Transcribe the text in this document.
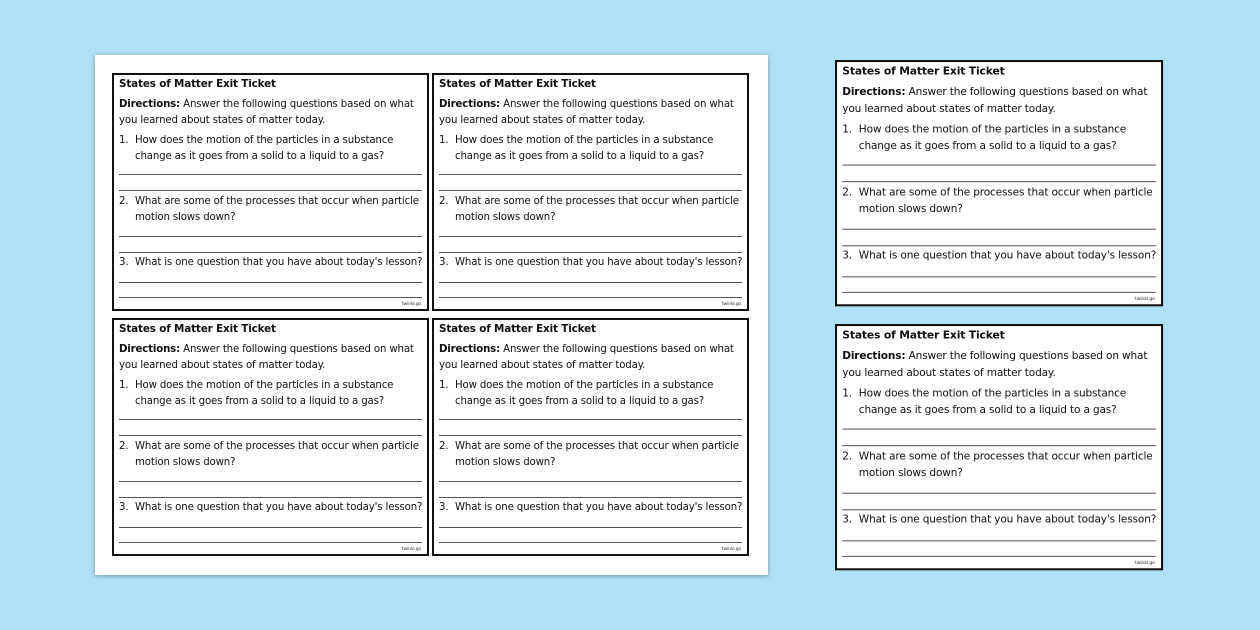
States of Matter Exit Ticket
Directions: Answer the following questions based on what you learned about states of matter today.
1. How does the motion of the particles in a substance change as it goes from a solid to a liquid to a gas?
2. What are some of the processes that occur when particle motion slows down?
3. What is one question that you have about today's lesson?
twinkl.go
States of Matter Exit Ticket
Directions: Answer the following questions based on what you learned about states of matter today.
1. How does the motion of the particles in a substance change as it goes from a solid to a liquid to a gas?
2. What are some of the processes that occur when particle motion slows down?
3. What is one question that you have about today's lesson?
twinkl.go
States of Matter Exit Ticket
Directions: Answer the following questions based on what you learned about states of matter today.
1. How does the motion of the particles in a substance change as it goes from a solid to a liquid to a gas?
2. What are some of the processes that occur when particle motion slows down?
3. What is one question that you have about today's lesson?
twinkl.go
States of Matter Exit Ticket
Directions: Answer the following questions based on what you learned about states of matter today.
1. How does the motion of the particles in a substance change as it goes from a solid to a liquid to a gas?
2. What are some of the processes that occur when particle motion slows down?
3. What is one question that you have about today's lesson?
twinkl.go
States of Matter Exit Ticket
Directions: Answer the following questions based on what you learned about states of matter today.
1. How does the motion of the particles in a substance change as it goes from a solid to a liquid to a gas?
2. What are some of the processes that occur when particle motion slows down?
3. What is one question that you have about today's lesson?
twinkl.go
States of Matter Exit Ticket
Directions: Answer the following questions based on what you learned about states of matter today.
1. How does the motion of the particles in a substance change as it goes from a solid to a liquid to a gas?
2. What are some of the processes that occur when particle motion slows down?
3. What is one question that you have about today's lesson?
twinkl.go
